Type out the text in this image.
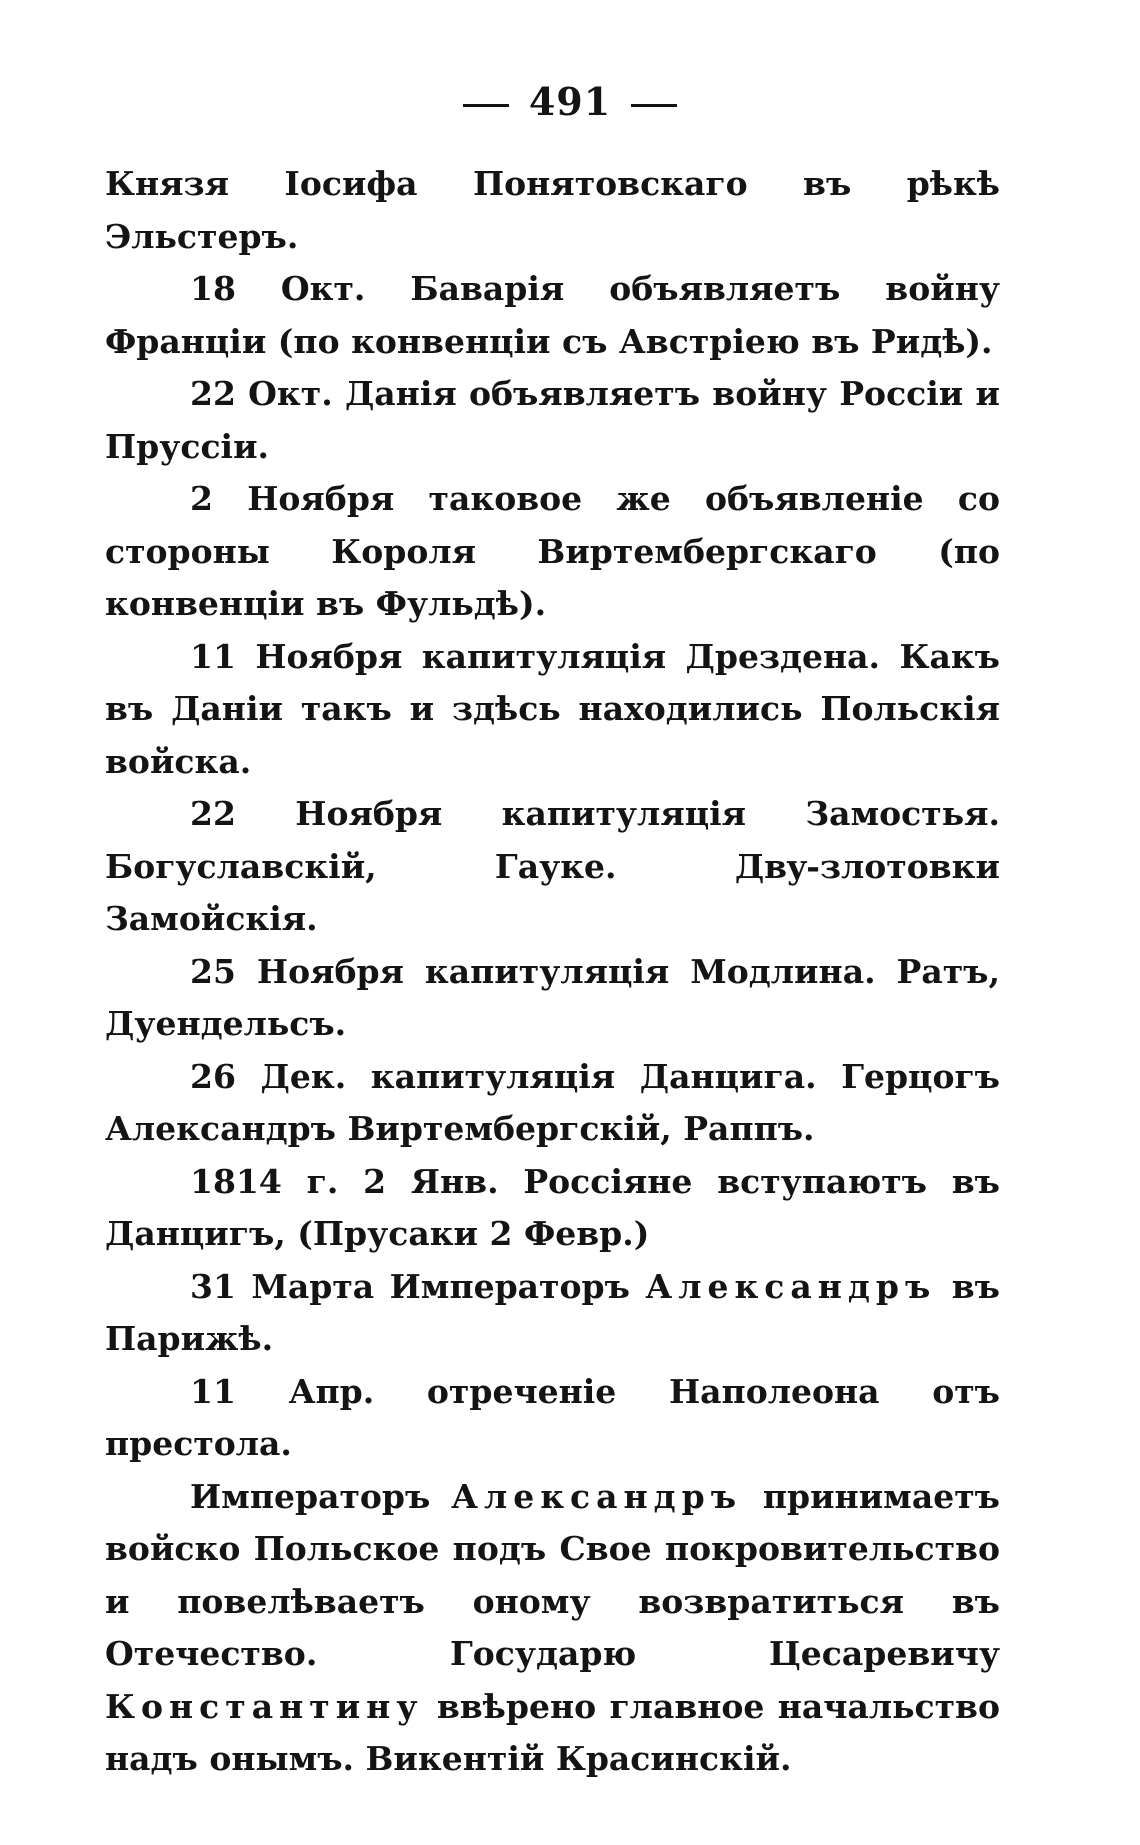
491

Князя Іосифа Понятовскаго въ рѣкѣ Эльстеръ.

18 Окт. Баварія объявляетъ войну Франціи (по конвенціи съ Австріею въ Ридѣ).

22 Окт. Данія объявляетъ войну Россіи и Пруссіи.

2 Ноября таковое же объявленіе со стороны Короля Виртембергскаго (по конвенціи въ Фульдѣ).

11 Ноября капитуляція Дрездена. Какъ въ Даніи такъ и здѣсь находились Польскія войска.

22 Ноября капитуляція Замостья. Богуславскій, Гауке. Двy-злотовки Замойскія.

25 Ноября капитуляція Модлина. Ратъ, Дуендельсъ.

26 Дек. капитуляція Данцига. Герцогъ Александръ Виртембергскій, Раппъ.

1814 г. 2 Янв. Россіяне вступаютъ въ Данцигъ, (Прусаки 2 Февр.)

31 Марта Императоръ Александръ въ Парижѣ.

11 Апр. отреченіе Наполеона отъ престола.

Императоръ Александръ принимаетъ войско Польское подъ Свое покровительство и повелѣваетъ оному возвратиться въ Отечество. Государю Цесаревичу Константину ввѣрено главное начальство надъ онымъ. Викентій Красинскій.
